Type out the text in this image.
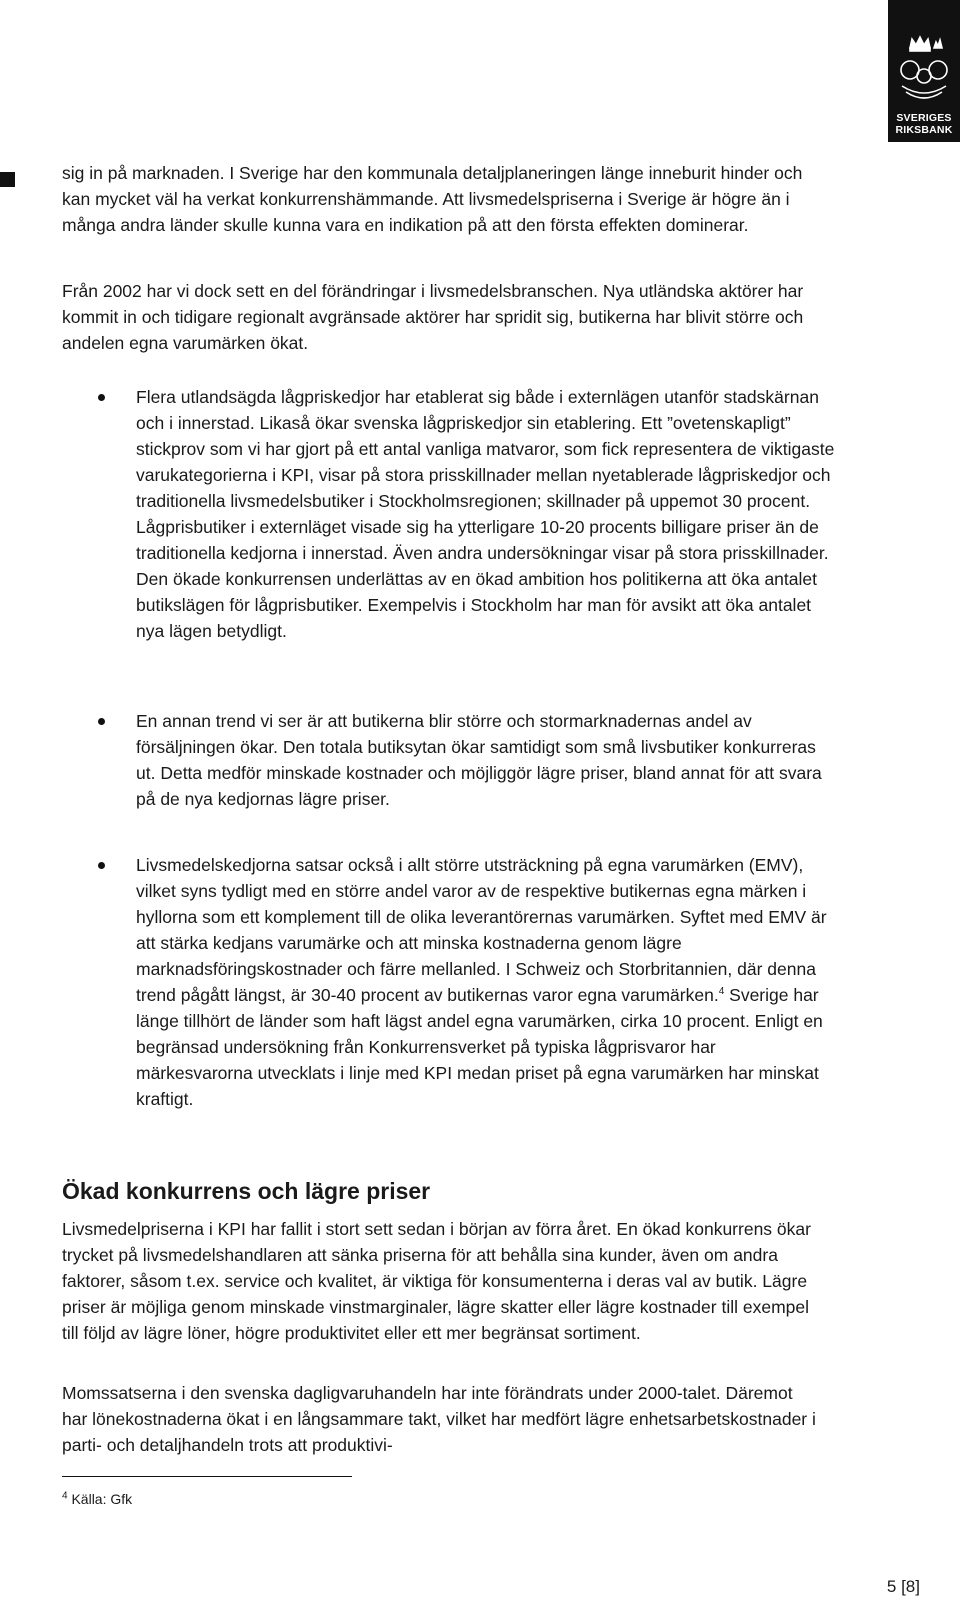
SVERIGES
RIKSBANK

sig in på marknaden. I Sverige har den kommunala detaljplaneringen länge inneburit hinder och kan mycket väl ha verkat konkurrenshämmande. Att livsmedelspriserna i Sverige är högre än i många andra länder skulle kunna vara en indikation på att den första effekten dominerar.

Från 2002 har vi dock sett en del förändringar i livsmedelsbranschen. Nya utländska aktörer har kommit in och tidigare regionalt avgränsade aktörer har spridit sig, butikerna har blivit större och andelen egna varumärken ökat.

Flera utlandsägda lågpriskedjor har etablerat sig både i externlägen utanför stadskärnan och i innerstad. Likaså ökar svenska lågpriskedjor sin etablering. Ett ”ovetenskapligt” stickprov som vi har gjort på ett antal vanliga matvaror, som fick representera de viktigaste varukategorierna i KPI, visar på stora prisskillnader mellan nyetablerade lågpriskedjor och traditionella livsmedelsbutiker i Stockholmsregionen; skillnader på uppemot 30 procent. Lågprisbutiker i externläget visade sig ha ytterligare 10-20 procents billigare priser än de traditionella kedjorna i innerstad. Även andra undersökningar visar på stora prisskillnader. Den ökade konkurrensen underlättas av en ökad ambition hos politikerna att öka antalet butikslägen för lågprisbutiker. Exempelvis i Stockholm har man för avsikt att öka antalet nya lägen betydligt.
En annan trend vi ser är att butikerna blir större och stormarknadernas andel av försäljningen ökar. Den totala butiksytan ökar samtidigt som små livsbutiker konkurreras ut. Detta medför minskade kostnader och möjliggör lägre priser, bland annat för att svara på de nya kedjornas lägre priser.
Livsmedelskedjorna satsar också i allt större utsträckning på egna varumärken (EMV), vilket syns tydligt med en större andel varor av de respektive butikernas egna märken i hyllorna som ett komplement till de olika leverantörernas varumärken. Syftet med EMV är att stärka kedjans varumärke och att minska kostnaderna genom lägre marknadsföringskostnader och färre mellanled. I Schweiz och Storbritannien, där denna trend pågått längst, är 30-40 procent av butikernas varor egna varumärken.$^4$ Sverige har länge tillhört de länder som haft lägst andel egna varumärken, cirka 10 procent. Enligt en begränsad undersökning från Konkurrensverket på typiska lågprisvaror har märkesvarorna utvecklats i linje med KPI medan priset på egna varumärken har minskat kraftigt.
Ökad konkurrens och lägre priser

Livsmedelpriserna i KPI har fallit i stort sett sedan i början av förra året. En ökad konkurrens ökar trycket på livsmedelshandlaren att sänka priserna för att behålla sina kunder, även om andra faktorer, såsom t.ex. service och kvalitet, är viktiga för konsumenterna i deras val av butik. Lägre priser är möjliga genom minskade vinstmarginaler, lägre skatter eller lägre kostnader till exempel till följd av lägre löner, högre produktivitet eller ett mer begränsat sortiment.

Momssatserna i den svenska dagligvaruhandeln har inte förändrats under 2000-talet. Däremot har lönekostnaderna ökat i en långsammare takt, vilket har medfört lägre enhetsarbetskostnader i parti- och detaljhandeln trots att produktivi-

$^4$ Källa: Gfk
5 [8]
